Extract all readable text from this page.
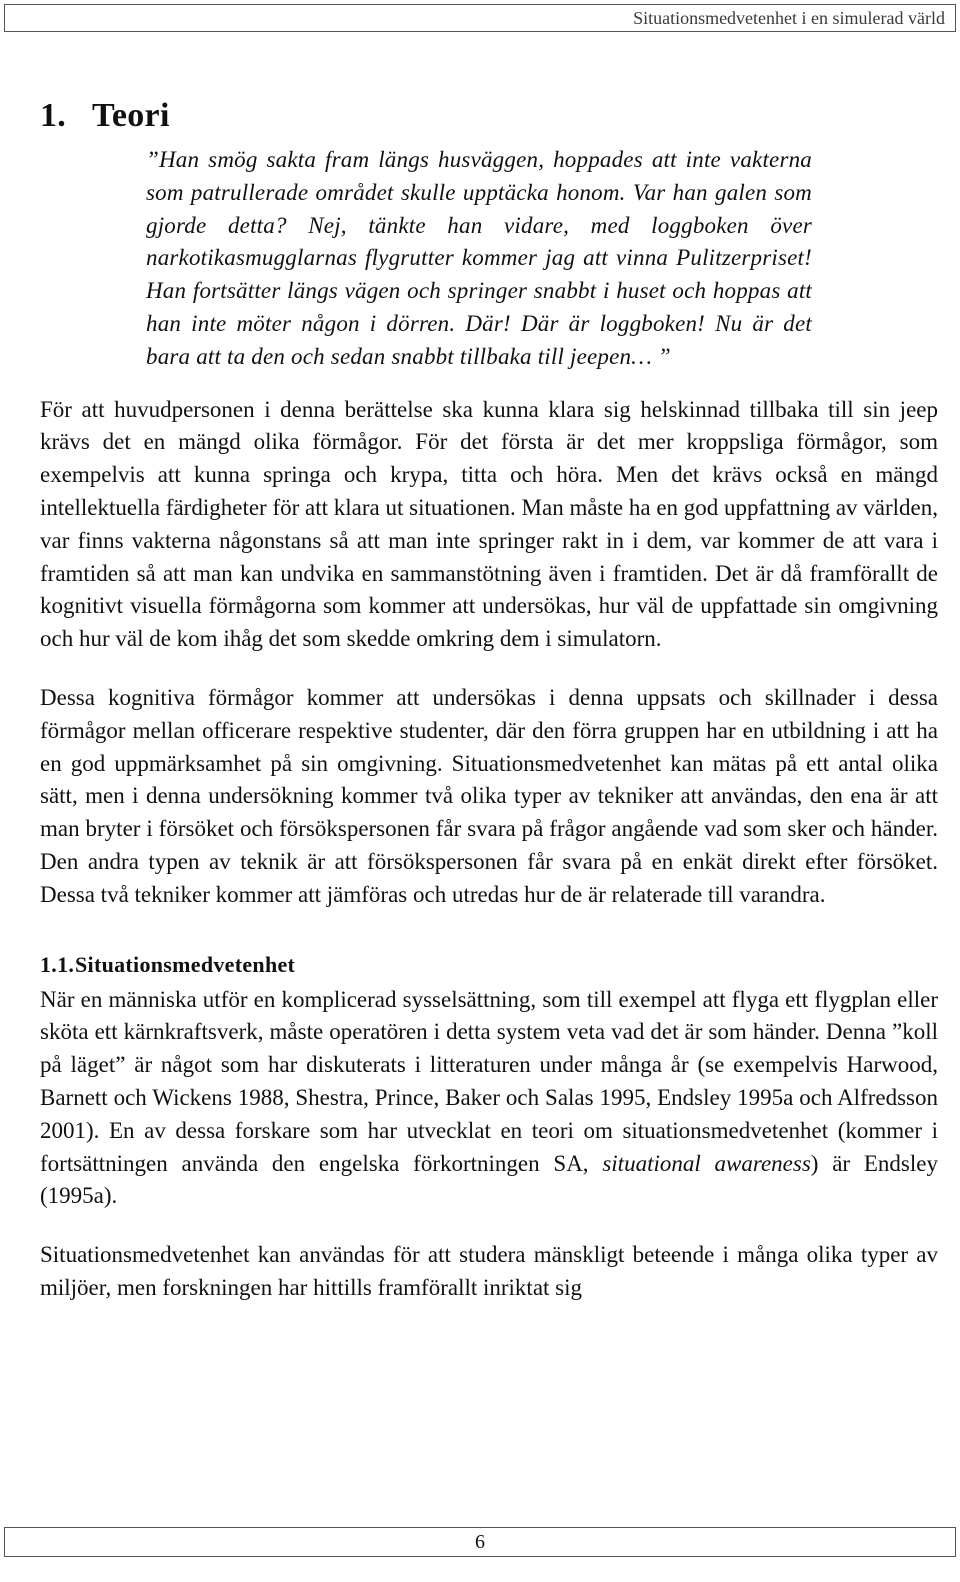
Situationsmedvetenhet i en simulerad värld
1. Teori
”Han smög sakta fram längs husväggen, hoppades att inte vakterna som patrullerade området skulle upptäcka honom. Var han galen som gjorde detta? Nej, tänkte han vidare, med loggboken över narkotikasmugglarnas flygrutter kommer jag att vinna Pulitzerpriset! Han fortsätter längs vägen och springer snabbt i huset och hoppas att han inte möter någon i dörren. Där! Där är loggboken! Nu är det bara att ta den och sedan snabbt tillbaka till jeepen… ”

För att huvudpersonen i denna berättelse ska kunna klara sig helskinnad tillbaka till sin jeep krävs det en mängd olika förmågor. För det första är det mer kroppsliga förmågor, som exempelvis att kunna springa och krypa, titta och höra. Men det krävs också en mängd intellektuella färdigheter för att klara ut situationen. Man måste ha en god uppfattning av världen, var finns vakterna någonstans så att man inte springer rakt in i dem, var kommer de att vara i framtiden så att man kan undvika en sammanstötning även i framtiden. Det är då framförallt de kognitivt visuella förmågorna som kommer att undersökas, hur väl de uppfattade sin omgivning och hur väl de kom ihåg det som skedde omkring dem i simulatorn.

Dessa kognitiva förmågor kommer att undersökas i denna uppsats och skillnader i dessa förmågor mellan officerare respektive studenter, där den förra gruppen har en utbildning i att ha en god uppmärksamhet på sin omgivning. Situationsmedvetenhet kan mätas på ett antal olika sätt, men i denna undersökning kommer två olika typer av tekniker att användas, den ena är att man bryter i försöket och försökspersonen får svara på frågor angående vad som sker och händer. Den andra typen av teknik är att försökspersonen får svara på en enkät direkt efter försöket. Dessa två tekniker kommer att jämföras och utredas hur de är relaterade till varandra.

1.1. Situationsmedvetenhet

När en människa utför en komplicerad sysselsättning, som till exempel att flyga ett flygplan eller sköta ett kärnkraftsverk, måste operatören i detta system veta vad det är som händer. Denna ”koll på läget” är något som har diskuterats i litteraturen under många år (se exempelvis Harwood, Barnett och Wickens 1988, Shestra, Prince, Baker och Salas 1995, Endsley 1995a och Alfredsson 2001). En av dessa forskare som har utvecklat en teori om situationsmedvetenhet (kommer i fortsättningen använda den engelska förkortningen SA, situational awareness) är Endsley (1995a).

Situationsmedvetenhet kan användas för att studera mänskligt beteende i många olika typer av miljöer, men forskningen har hittills framförallt inriktat sig

6
